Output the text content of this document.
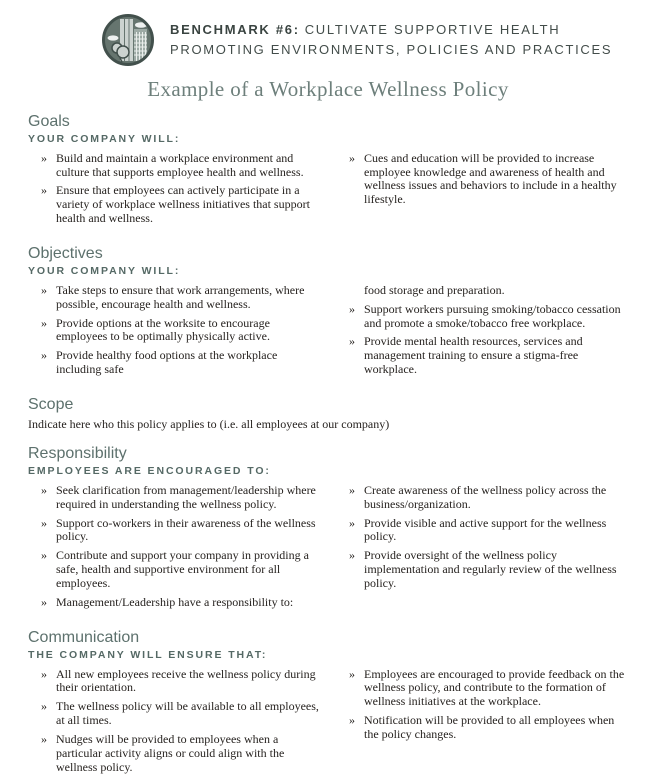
BENCHMARK #6: CULTIVATE SUPPORTIVE HEALTH
PROMOTING ENVIRONMENTS, POLICIES AND PRACTICES
Example of a Workplace Wellness Policy
Goals
YOUR COMPANY WILL:
» Build and maintain a workplace environment and culture that supports employee health and wellness.
» Ensure that employees can actively participate in a variety of workplace wellness initiatives that support health and wellness.
» Cues and education will be provided to increase employee knowledge and awareness of health and wellness issues and behaviors to include in a healthy lifestyle.
Objectives
YOUR COMPANY WILL:
» Take steps to ensure that work arrangements, where possible, encourage health and wellness.
» Provide options at the worksite to encourage employees to be optimally physically active.
» Provide healthy food options at the workplace including safe
food storage and preparation.
» Support workers pursuing smoking/tobacco cessation and promote a smoke/tobacco free workplace.
» Provide mental health resources, services and management training to ensure a stigma-free workplace.
Scope
Indicate here who this policy applies to (i.e. all employees at our company)
Responsibility
EMPLOYEES ARE ENCOURAGED TO:
» Seek clarification from management/leadership where required in understanding the wellness policy.
» Support co-workers in their awareness of the wellness policy.
» Contribute and support your company in providing a safe, health and supportive environment for all employees.
» Management/Leadership have a responsibility to:
» Create awareness of the wellness policy across the business/organization.
» Provide visible and active support for the wellness policy.
» Provide oversight of the wellness policy implementation and regularly review of the wellness policy.
Communication
THE COMPANY WILL ENSURE THAT:
» All new employees receive the wellness policy during their orientation.
» The wellness policy will be available to all employees, at all times.
» Nudges will be provided to employees when a particular activity aligns or could align with the wellness policy.
» Employees are encouraged to provide feedback on the wellness policy, and contribute to the formation of wellness initiatives at the workplace.
» Notification will be provided to all employees when the policy changes.
